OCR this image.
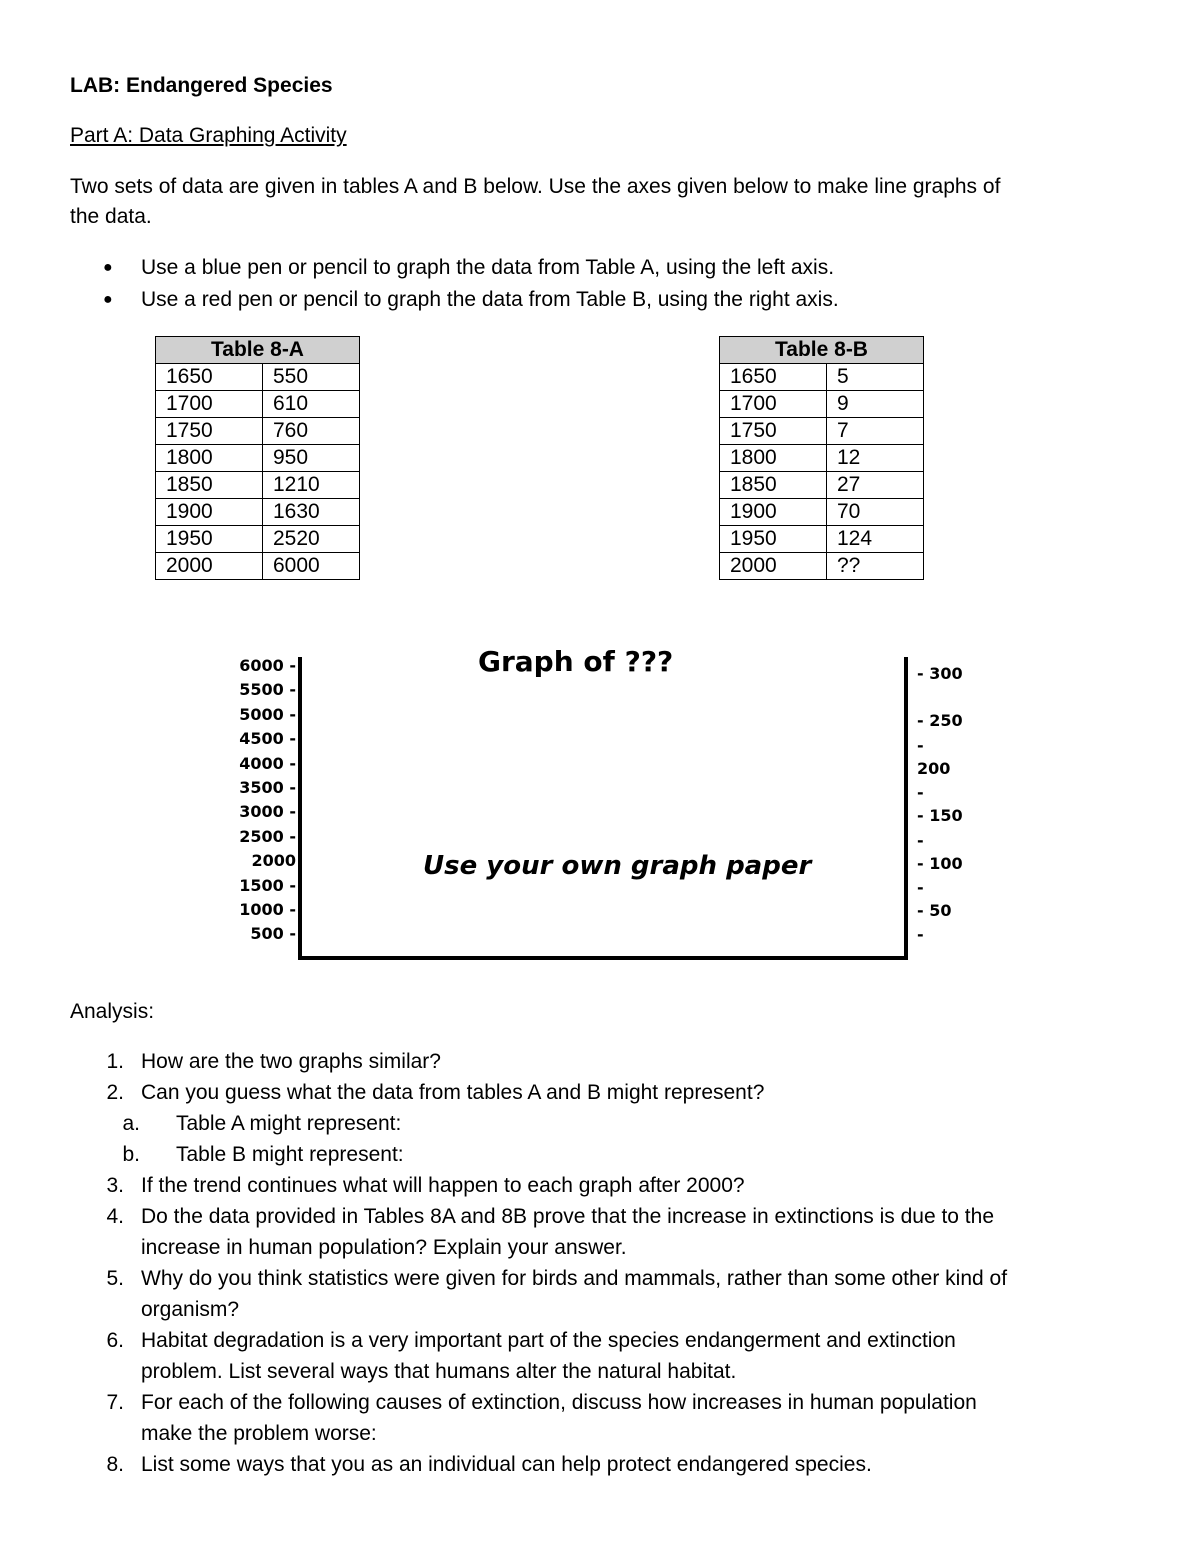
LAB: Endangered Species
Part A: Data Graphing Activity
Two sets of data are given in tables A and B below. Use the axes given below to make line graphs of
the data.
● Use a blue pen or pencil to graph the data from Table A, using the left axis.
● Use a red pen or pencil to graph the data from Table B, using the right axis.
Table 8-A	
1650	550
1700	610
1750	760
1800	950
1850	1210
1900	1630
1950	2520
2000	6000
Table 8-B	
1650	5
1700	9
1750	7
1800	12
1850	27
1900	70
1950	124
2000	??
Graph of ???
Use your own graph paper
6000 -
5500 -
5000 -
4500 -
4000 -
3500 -
3000 -
2500 -
2000
1500 -
1000 -
500 -
- 300
- 250
-
200
-
- 150
-
- 100
-
- 50
-
Analysis:
1. How are the two graphs similar?
2. Can you guess what the data from tables A and B might represent?
a. Table A might represent:
b. Table B might represent:
3. If the trend continues what will happen to each graph after 2000?
4. Do the data provided in Tables 8A and 8B prove that the increase in extinctions is due to the
increase in human population? Explain your answer.
5. Why do you think statistics were given for birds and mammals, rather than some other kind of
organism?
6. Habitat degradation is a very important part of the species endangerment and extinction
problem. List several ways that humans alter the natural habitat.
7. For each of the following causes of extinction, discuss how increases in human population
make the problem worse:
8. List some ways that you as an individual can help protect endangered species.
